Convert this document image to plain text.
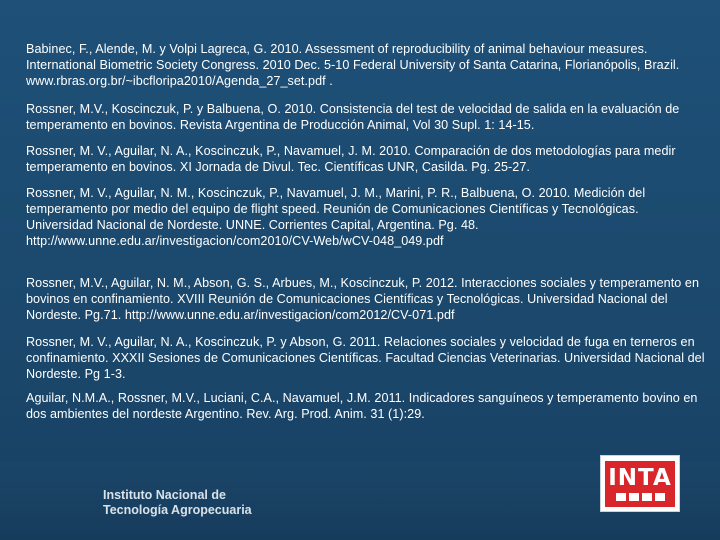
Babinec, F., Alende, M. y Volpi Lagreca, G. 2010. Assessment of reproducibility of animal behaviour measures. International Biometric Society Congress. 2010 Dec. 5-10 Federal University of Santa Catarina, Florianópolis, Brazil. www.rbras.org.br/~ibcfloripa2010/Agenda_27_set.pdf .
Rossner, M.V., Koscinczuk, P. y Balbuena, O. 2010. Consistencia del test de velocidad de salida en la evaluación de temperamento en bovinos. Revista Argentina de Producción Animal, Vol 30 Supl. 1: 14-15.
Rossner, M. V., Aguilar, N. A., Koscinczuk, P., Navamuel, J. M. 2010. Comparación de dos metodologías para medir temperamento en bovinos. XI Jornada de Divul. Tec. Científicas UNR, Casilda. Pg. 25-27.
Rossner, M. V., Aguilar, N. M., Koscinczuk, P., Navamuel, J. M., Marini, P. R., Balbuena, O. 2010. Medición del temperamento por medio del equipo de flight speed. Reunión de Comunicaciones Científicas y Tecnológicas. Universidad Nacional de Nordeste. UNNE. Corrientes Capital, Argentina. Pg. 48. http://www.unne.edu.ar/investigacion/com2010/CV-Web/wCV-048_049.pdf
Rossner, M.V., Aguilar, N. M., Abson, G. S., Arbues, M., Koscinczuk, P. 2012. Interacciones sociales y temperamento en bovinos en confinamiento. XVIII Reunión de Comunicaciones Científicas y Tecnológicas. Universidad Nacional del Nordeste. Pg.71. http://www.unne.edu.ar/investigacion/com2012/CV-071.pdf
Rossner, M. V., Aguilar, N. A., Koscinczuk, P. y Abson, G. 2011. Relaciones sociales y velocidad de fuga en terneros en confinamiento. XXXII Sesiones de Comunicaciones Científicas. Facultad Ciencias Veterinarias. Universidad Nacional del Nordeste. Pg 1-3.
Aguilar, N.M.A., Rossner, M.V., Luciani, C.A., Navamuel, J.M. 2011. Indicadores sanguíneos y temperamento bovino en dos ambientes del nordeste Argentino. Rev. Arg. Prod. Anim. 31 (1):29.
Instituto Nacional de
Tecnología Agropecuaria
INTA
